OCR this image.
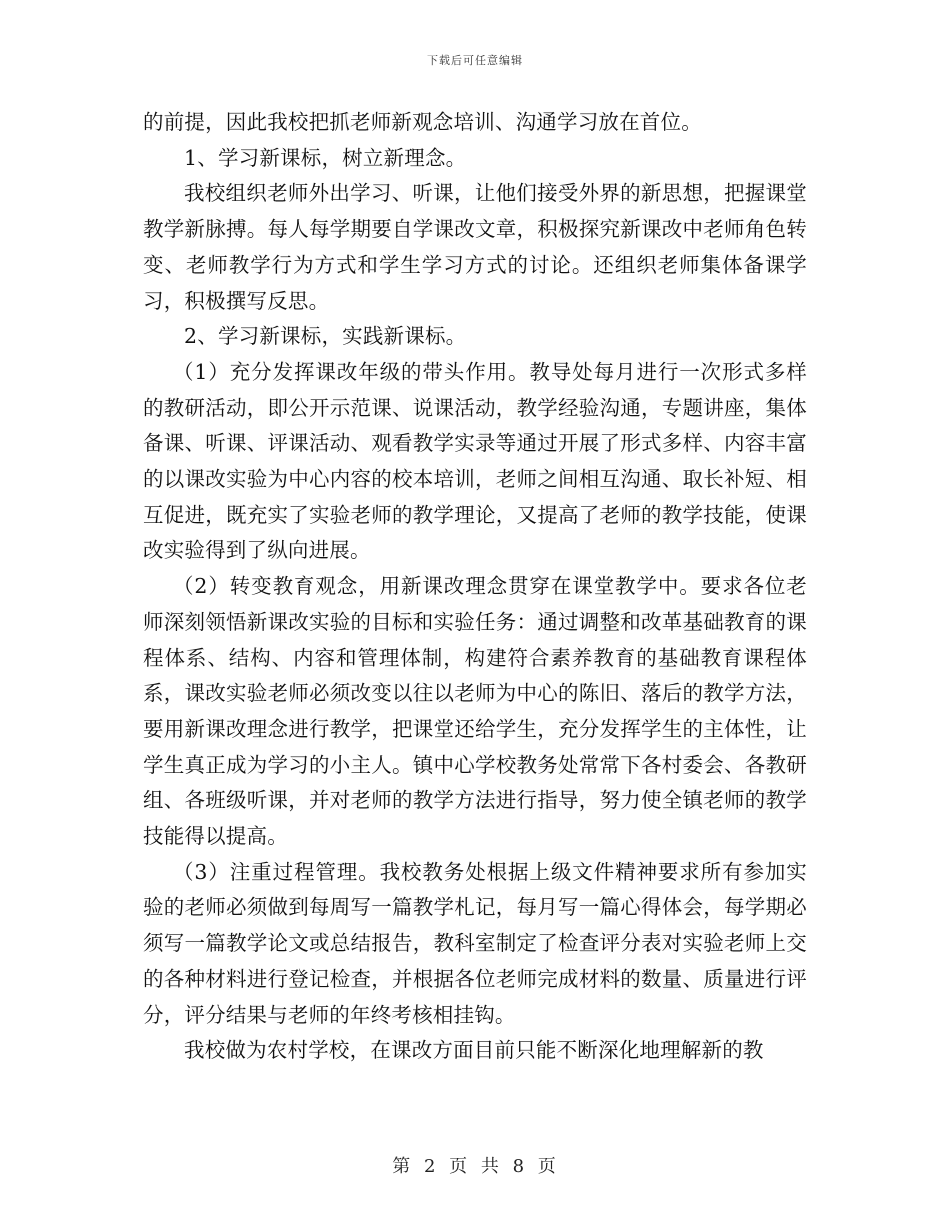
下载后可任意编辑

的前提，因此我校把抓老师新观念培训、沟通学习放在首位。

1、学习新课标，树立新理念。

我校组织老师外出学习、听课，让他们接受外界的新思想，把握课堂教学新脉搏。每人每学期要自学课改文章，积极探究新课改中老师角色转变、老师教学行为方式和学生学习方式的讨论。还组织老师集体备课学习，积极撰写反思。

2、学习新课标，实践新课标。

（1）充分发挥课改年级的带头作用。教导处每月进行一次形式多样的教研活动，即公开示范课、说课活动，教学经验沟通，专题讲座，集体备课、听课、评课活动、观看教学实录等通过开展了形式多样、内容丰富的以课改实验为中心内容的校本培训，老师之间相互沟通、取长补短、相互促进，既充实了实验老师的教学理论，又提高了老师的教学技能，使课改实验得到了纵向进展。

（2）转变教育观念，用新课改理念贯穿在课堂教学中。要求各位老师深刻领悟新课改实验的目标和实验任务：通过调整和改革基础教育的课程体系、结构、内容和管理体制，构建符合素养教育的基础教育课程体系，课改实验老师必须改变以往以老师为中心的陈旧、落后的教学方法，要用新课改理念进行教学，把课堂还给学生，充分发挥学生的主体性，让学生真正成为学习的小主人。镇中心学校教务处常常下各村委会、各教研组、各班级听课，并对老师的教学方法进行指导，努力使全镇老师的教学技能得以提高。

（3）注重过程管理。我校教务处根据上级文件精神要求所有参加实验的老师必须做到每周写一篇教学札记，每月写一篇心得体会，每学期必须写一篇教学论文或总结报告，教科室制定了检查评分表对实验老师上交的各种材料进行登记检查，并根据各位老师完成材料的数量、质量进行评分，评分结果与老师的年终考核相挂钩。

我校做为农村学校，在课改方面目前只能不断深化地理解新的教

第 2 页 共 8 页
